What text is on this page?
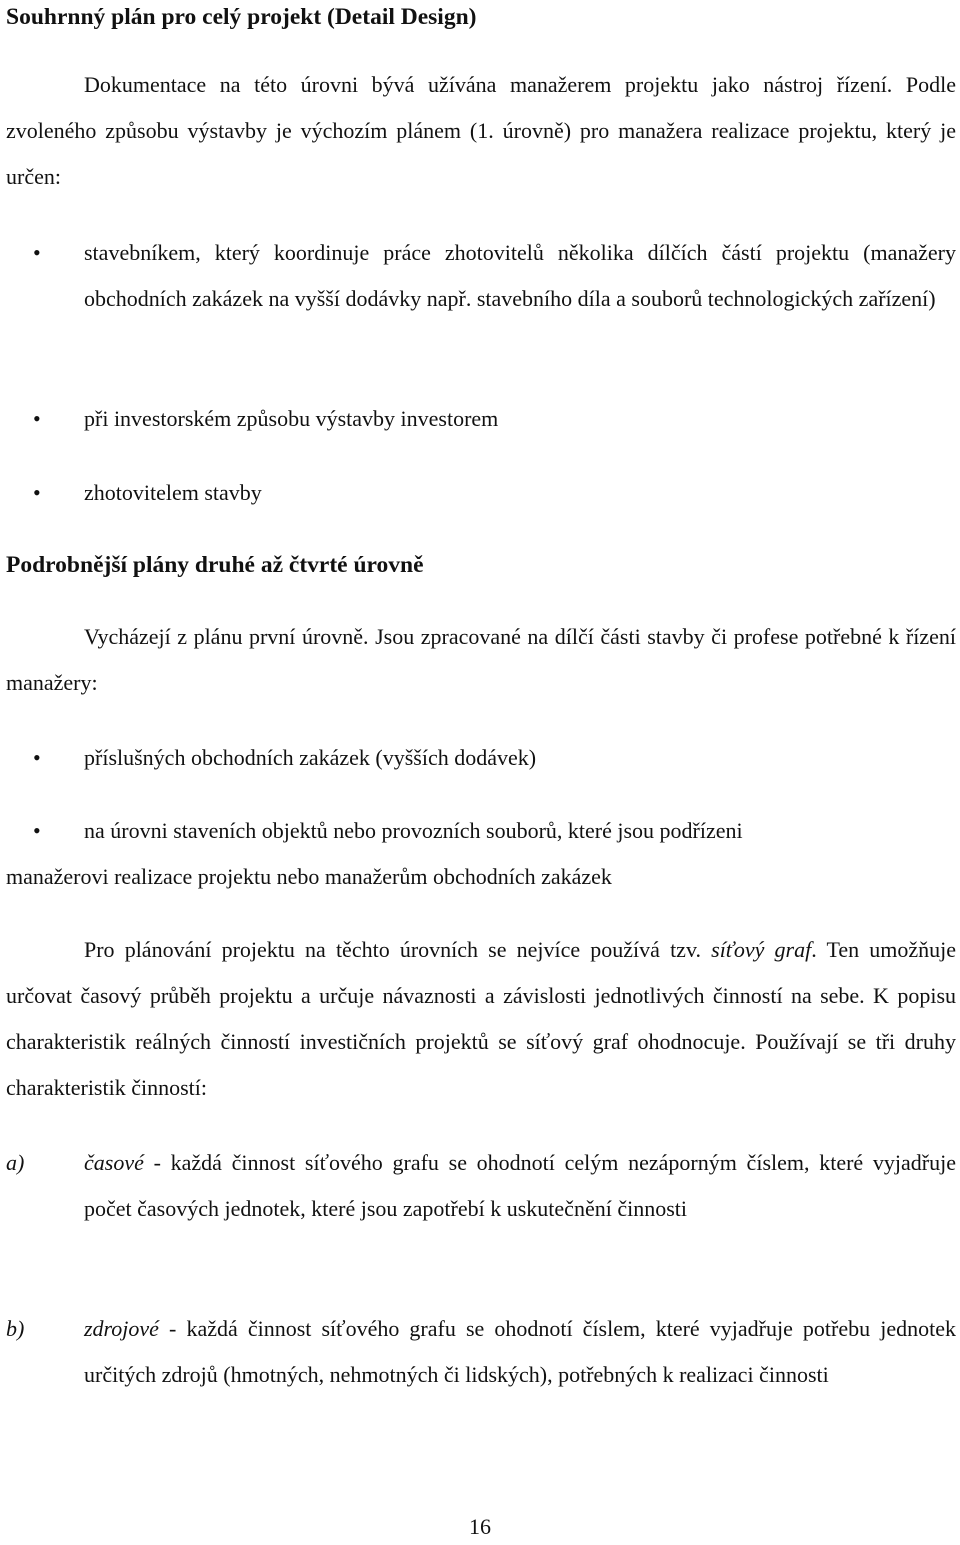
Souhrnný plán pro celý projekt (Detail Design)
Dokumentace na této úrovni bývá užívána manažerem projektu jako nástroj řízení. Podle zvoleného způsobu výstavby je výchozím plánem (1. úrovně) pro manažera realizace projektu, který je určen:
• stavebníkem, který koordinuje práce zhotovitelů několika dílčích částí projektu (manažery obchodních zakázek na vyšší dodávky např. stavebního díla a souborů technologických zařízení)
• při investorském způsobu výstavby investorem
• zhotovitelem stavby
Podrobnější plány druhé až čtvrté úrovně
Vycházejí z plánu první úrovně. Jsou zpracované na dílčí části stavby či profese potřebné k řízení manažery:
• příslušných obchodních zakázek (vyšších dodávek)
• na úrovni staveních objektů nebo provozních souborů, které jsou podřízeni
manažerovi realizace projektu nebo manažerům obchodních zakázek
Pro plánování projektu na těchto úrovních se nejvíce používá tzv. síťový graf. Ten umožňuje určovat časový průběh projektu a určuje návaznosti a závislosti jednotlivých činností na sebe. K popisu charakteristik reálných činností investičních projektů se síťový graf ohodnocuje. Používají se tři druhy charakteristik činností:
a)	časové - každá činnost síťového grafu se ohodnotí celým nezáporným číslem, které vyjadřuje počet časových jednotek, které jsou zapotřebí k uskutečnění činnosti
b)	zdrojové - každá činnost síťového grafu se ohodnotí číslem, které vyjadřuje potřebu jednotek určitých zdrojů (hmotných, nehmotných či lidských), potřebných k realizaci činnosti
16
